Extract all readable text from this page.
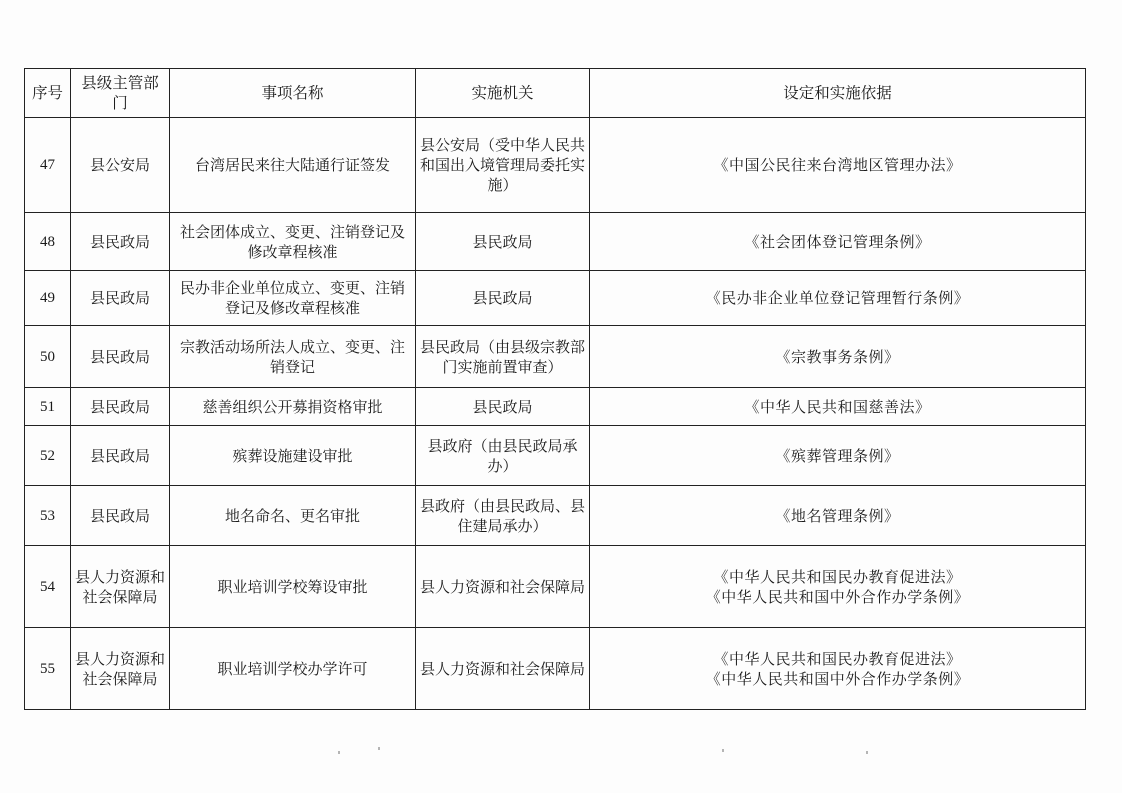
序号	县级主管部门	事项名称	实施机关	设定和实施依据
47	县公安局	台湾居民来往大陆通行证签发	县公安局（受中华人民共和国出入境管理局委托实施）	《中国公民往来台湾地区管理办法》

48	县民政局	社会团体成立、变更、注销登记及修改章程核准	县民政局	《社会团体登记管理条例》

49	县民政局	民办非企业单位成立、变更、注销登记及修改章程核准	县民政局	《民办非企业单位登记管理暂行条例》

50	县民政局	宗教活动场所法人成立、变更、注销登记	县民政局（由县级宗教部门实施前置审查）	《宗教事务条例》

51	县民政局	慈善组织公开募捐资格审批	县民政局	《中华人民共和国慈善法》

52	县民政局	殡葬设施建设审批	县政府（由县民政局承办）	《殡葬管理条例》

53	县民政局	地名命名、更名审批	县政府（由县民政局、县住建局承办）	《地名管理条例》

54	县人力资源和社会保障局	职业培训学校筹设审批	县人力资源和社会保障局	《中华人民共和国民办教育促进法》
《中华人民共和国中外合作办学条例》

55	县人力资源和社会保障局	职业培训学校办学许可	县人力资源和社会保障局	《中华人民共和国民办教育促进法》
《中华人民共和国中外合作办学条例》
